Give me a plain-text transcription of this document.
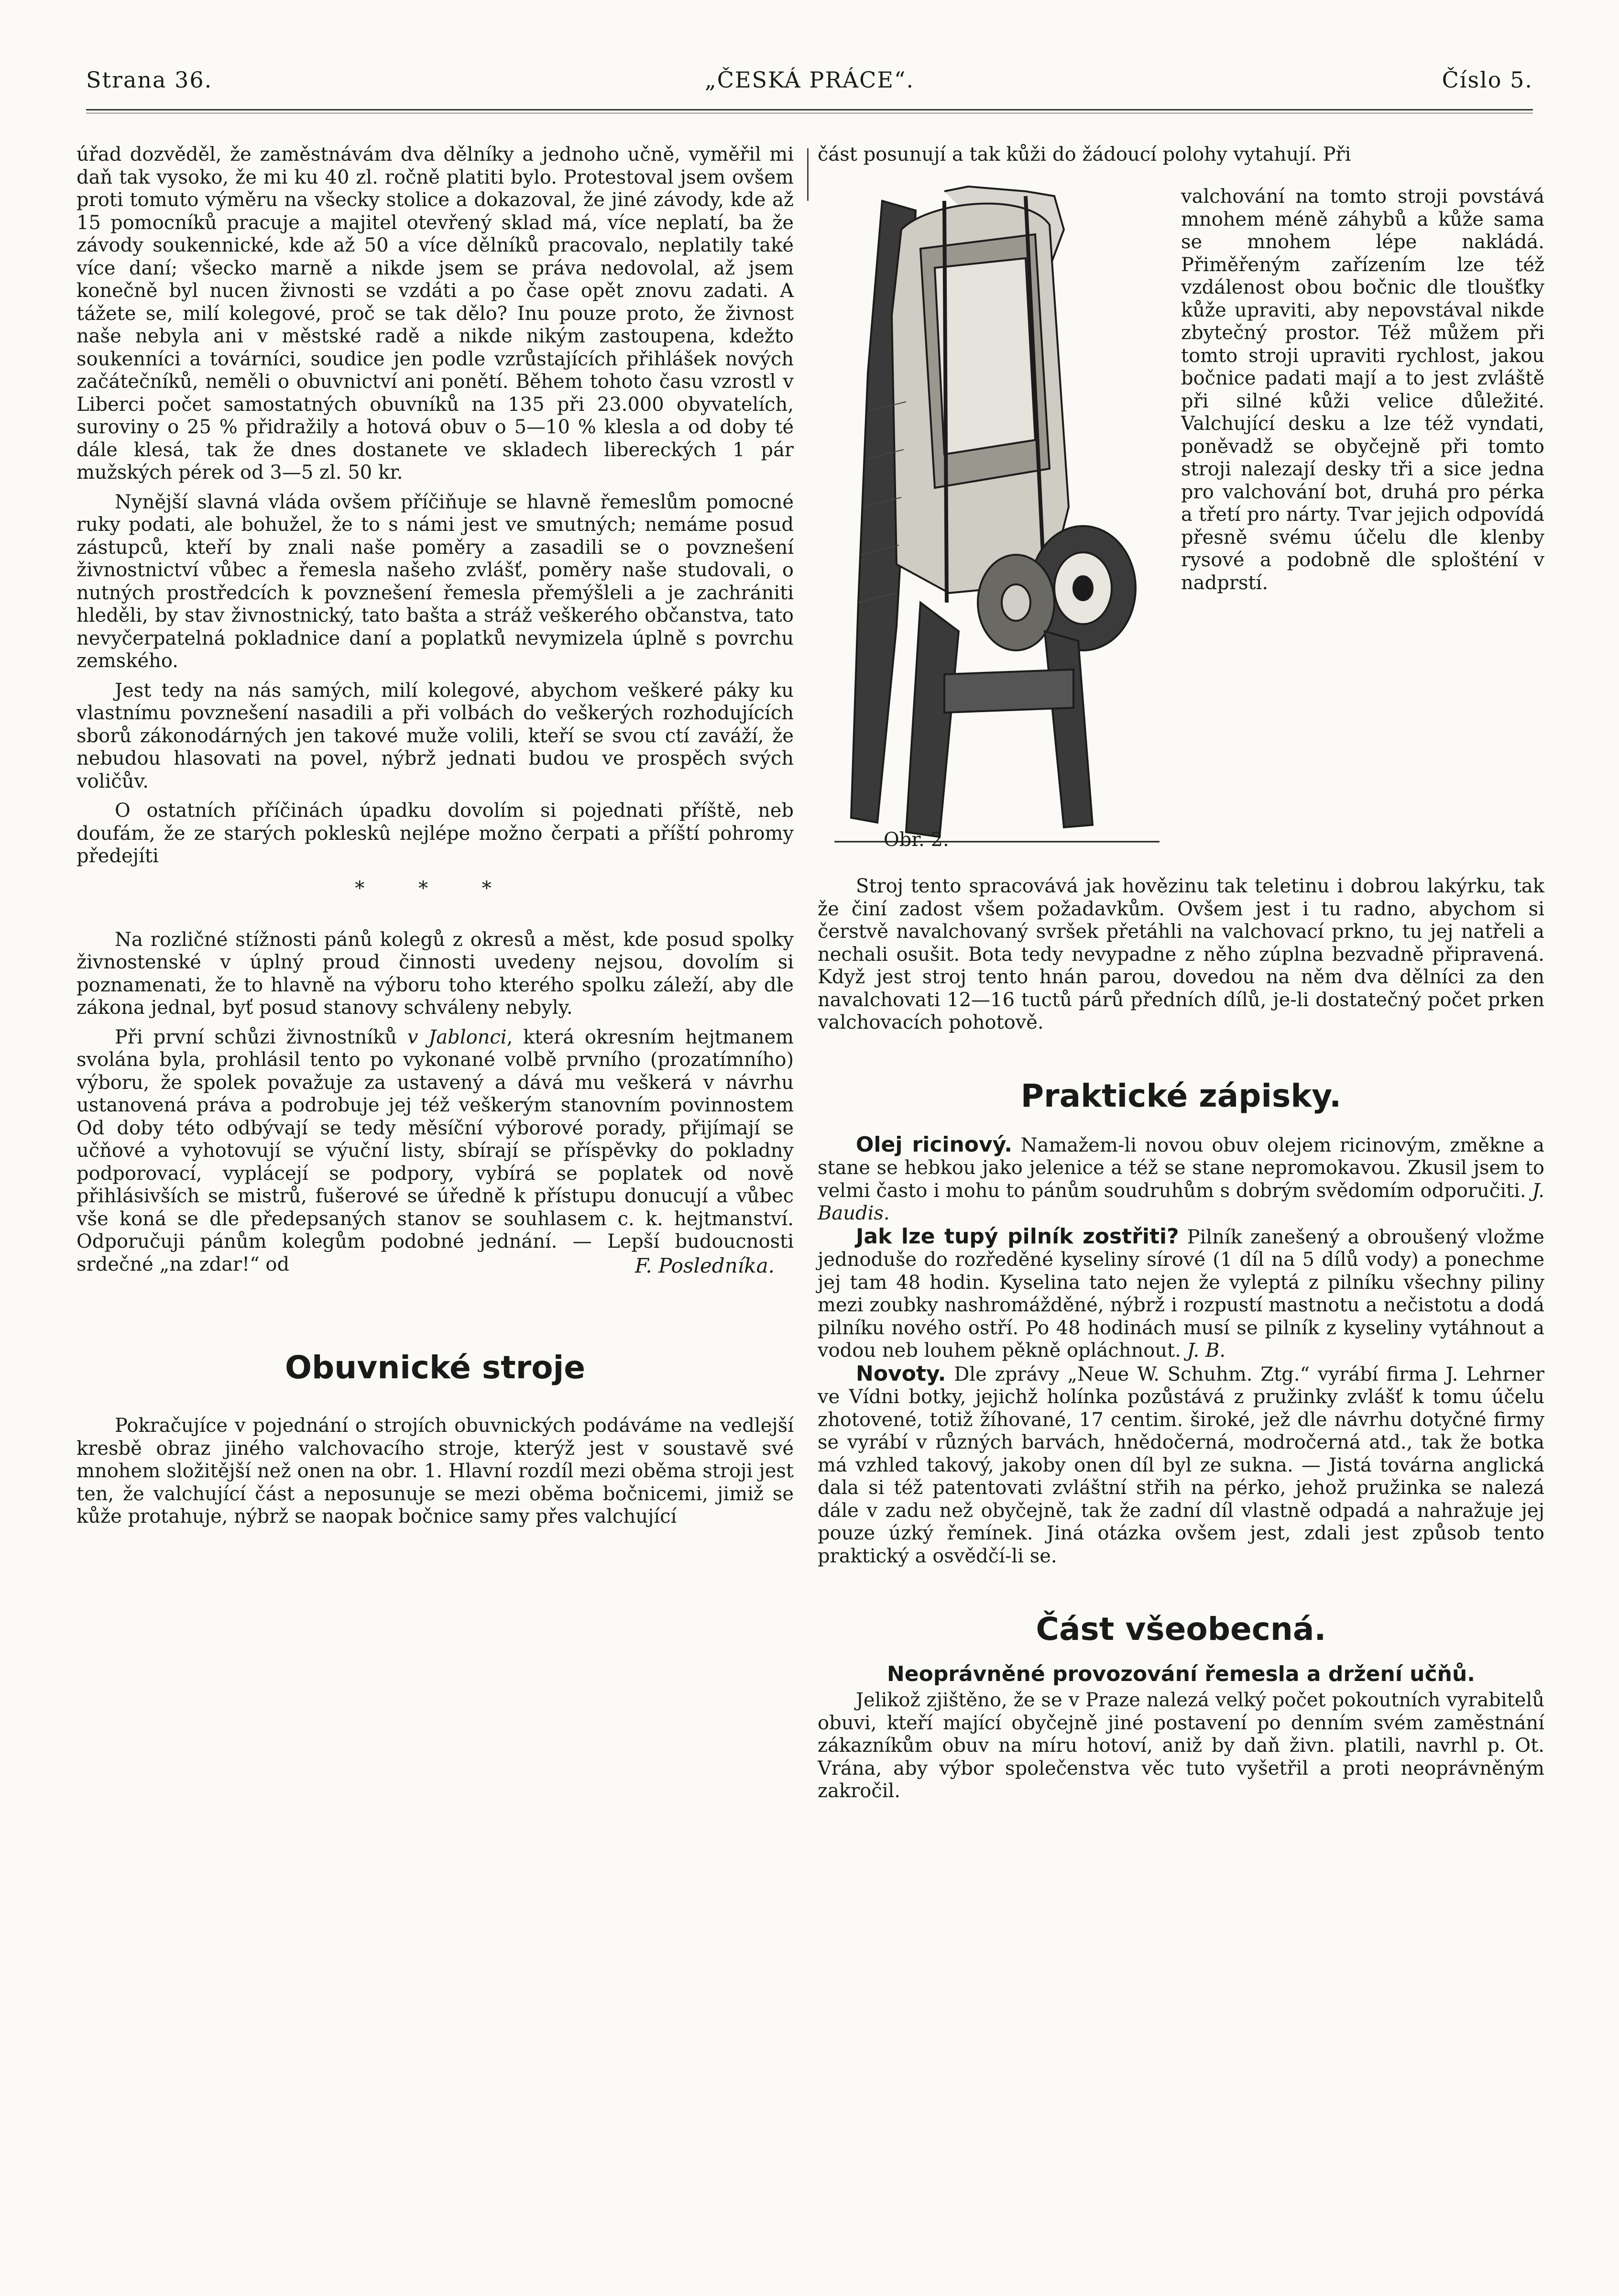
„ČESKÁ PRÁCE“.
Strana 36.	Číslo 5.

úřad dozvěděl, že zaměstnávám dva dělníky a jednoho učně, vyměřil mi daň tak vysoko, že mi ku 40 zl. ročně platiti bylo. Protestoval jsem ovšem proti tomuto výměru na všecky stolice a dokazoval, že jiné závody, kde až 15 pomocníků pracuje a majitel otevřený sklad má, více neplatí, ba že závody soukennické, kde až 50 a více dělníků pracovalo, neplatily také více daní; všecko marně a nikde jsem se práva nedovolal, až jsem konečně byl nucen živnosti se vzdáti a po čase opět znovu zadati. A tážete se, milí kolegové, proč se tak dělo? Inu pouze proto, že živnost naše nebyla ani v městské radě a nikde nikým zastoupena, kdežto soukenníci a továrníci, soudice jen podle vzrůstajících přihlášek nových začátečníků, neměli o obuvnictví ani ponětí. Během tohoto času vzrostl v Liberci počet samostatných obuvníků na 135 při 23.000 obyvatelích, suroviny o 25 % přidražily a hotová obuv o 5—10 % klesla a od doby té dále klesá, tak že dnes dostanete ve skladech libereckých 1 pár mužských pérek od 3—5 zl. 50 kr.

Nynější slavná vláda ovšem příčiňuje se hlavně řemeslům pomocné ruky podati, ale bohužel, že to s námi jest ve smutných; nemáme posud zástupců, kteří by znali naše poměry a zasadili se o povznešení živnostnictví vůbec a řemesla našeho zvlášť, poměry naše studovali, o nutných prostředcích k povznešení řemesla přemýšleli a je zachrániti hleděli, by stav živnostnický, tato bašta a stráž veškerého občanstva, tato nevyčerpatelná pokladnice daní a poplatků nevymizela úplně s povrchu zemského.

Jest tedy na nás samých, milí kolegové, abychom veškeré páky ku vlastnímu povznešení nasadili a při volbách do veškerých rozhodujících sborů zákonodárných jen takové muže volili, kteří se svou ctí zaváží, že nebudou hlasovati na povel, nýbrž jednati budou ve prospěch svých voličův.

O ostatních příčinách úpadku dovolím si pojednati příště, neb doufám, že ze starých pokleskû nejlépe možno čerpati a příští pohromy předejíti

* * *

Na rozličné stížnosti pánů kolegů z okresů a měst, kde posud spolky živnostenské v úplný proud činnosti uvedeny nejsou, dovolím si poznamenati, že to hlavně na výboru toho kterého spolku záleží, aby dle zákona jednal, byť posud stanovy schváleny nebyly.

Při první schůzi živnostníků v Jablonci, která okresním hejtmanem svolána byla, prohlásil tento po vykonané volbě prvního (prozatímního) výboru, že spolek považuje za ustavený a dává mu veškerá v návrhu ustanovená práva a podrobuje jej též veškerým stanovním povinnostem Od doby této odbývají se tedy měsíční výborové porady, přijímají se učňové a vyhotovují se výuční listy, sbírají se příspěvky do pokladny podporovací, vyplácejí se podpory, vybírá se poplatek od nově přihlásivších se mistrů, fušerové se úředně k přístupu donucují a vůbec vše koná se dle předepsaných stanov se souhlasem c. k. hejtmanství. Odporučuji pánům kolegům podobné jednání. — Lepší budoucnosti srdečné „na zdar!“ od	F. Posledníka.

Obuvnické stroje

Pokračujíce v pojednání o strojích obuvnických podáváme na vedlejší kresbě obraz jiného valchovacího stroje, kterýž jest v soustavě své mnohem složitější než onen na obr. 1. Hlavní rozdíl mezi oběma stroji jest ten, že valchující část a neposunuje se mezi oběma bočnicemi, jimiž se kůže protahuje, nýbrž se naopak bočnice samy přes valchující

část posunují a tak kůži do žádoucí polohy vytahují. Při

Obr. 2.

valchování na tomto stroji povstává mnohem méně záhybů a kůže sama se mnohem lépe nakládá. Přiměřeným zařízením lze též vzdálenost obou bočnic dle tloušťky kůže upraviti, aby nepovstával nikde zbytečný prostor. Též můžem při tomto stroji upraviti rychlost, jakou bočnice padati mají a to jest zvláště při silné kůži velice důležité. Valchující desku a lze též vyndati, poněvadž se obyčejně při tomto stroji nalezají desky tři a sice jedna pro valchování bot, druhá pro pérka a třetí pro nárty. Tvar jejich odpovídá přesně svému účelu dle klenby rysové a podobně dle splošténí v nadprstí.

Stroj tento spracovává jak hovězinu tak teletinu i dobrou lakýrku, tak že činí zadost všem požadavkům. Ovšem jest i tu radno, abychom si čerstvě navalchovaný svršek přetáhli na valchovací prkno, tu jej natřeli a nechali osušit. Bota tedy nevypadne z něho zúplna bezvadně připravená. Když jest stroj tento hnán parou, dovedou na něm dva dělníci za den navalchovati 12—16 tuctů párů předních dílů, je-li dostatečný počet prken valchovacích pohotově.

Praktické zápisky.

Olej ricinový. Namažem-li novou obuv olejem ricinovým, změkne a stane se hebkou jako jelenice a též se stane nepromokavou. Zkusil jsem to velmi často i mohu to pánům soudruhům s dobrým svědomím odporučiti. J. Baudis.

Jak lze tupý pilník zostřiti? Pilník zanešený a obroušený vložme jednoduše do rozředěné kyseliny sírové (1 díl na 5 dílů vody) a ponechme jej tam 48 hodin. Kyselina tato nejen že vyleptá z pilníku všechny piliny mezi zoubky nashromážděné, nýbrž i rozpustí mastnotu a nečistotu a dodá pilníku nového ostří. Po 48 hodinách musí se pilník z kyseliny vytáhnout a vodou neb louhem pěkně opláchnout. J. B.

Novoty. Dle zprávy „Neue W. Schuhm. Ztg.“ vyrábí firma J. Lehrner ve Vídni botky, jejichž holínka pozůstává z pružinky zvlášť k tomu účelu zhotovené, totiž žíhované, 17 centim. široké, jež dle návrhu dotyčné firmy se vyrábí v různých barvách, hnědočerná, modročerná atd., tak že botka má vzhled takový, jakoby onen díl byl ze sukna. — Jistá továrna anglická dala si též patentovati zvláštní střih na pérko, jehož pružinka se nalezá dále v zadu než obyčejně, tak že zadní díl vlastně odpadá a nahražuje jej pouze úzký řemínek. Jiná otázka ovšem jest, zdali jest způsob tento praktický a osvědčí-li se.

Část všeobecná.

Neoprávněné provozování řemesla a držení učňů.

Jelikož zjištěno, že se v Praze nalezá velký počet pokoutních vyrabitelů obuvi, kteří mající obyčejně jiné postavení po denním svém zaměstnání zákazníkům obuv na míru hotoví, aniž by daň živn. platili, navrhl p. Ot. Vrána, aby výbor společenstva věc tuto vyšetřil a proti neoprávněným zakročil.
